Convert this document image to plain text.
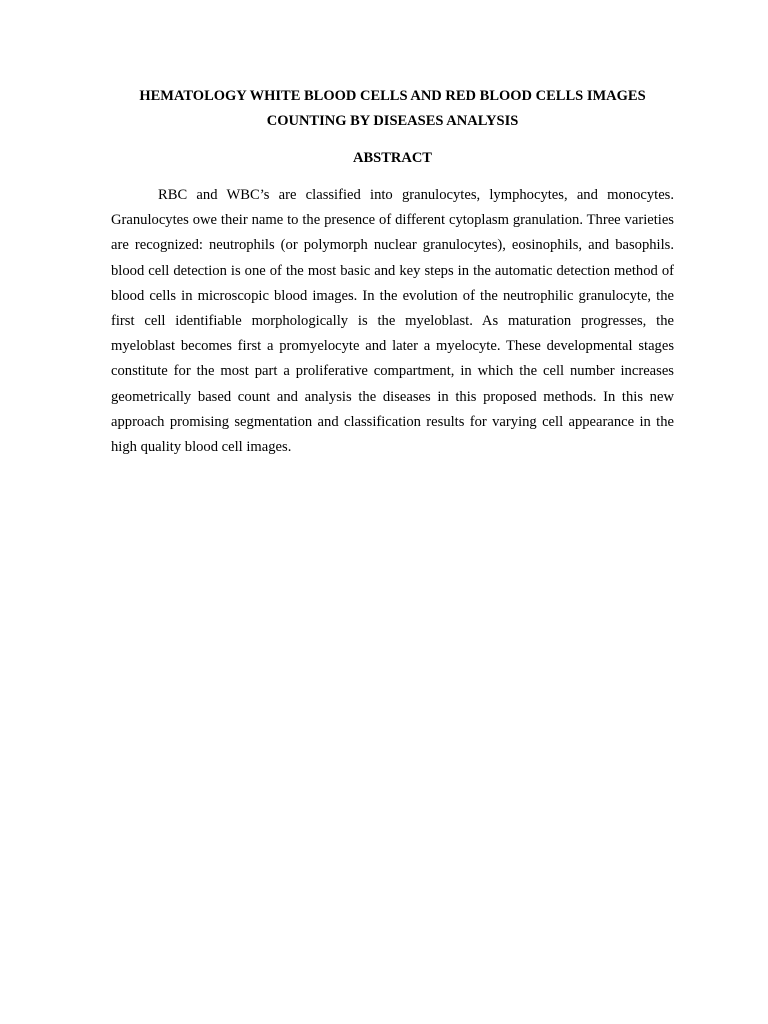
HEMATOLOGY WHITE BLOOD CELLS AND RED BLOOD CELLS IMAGES
COUNTING BY DISEASES ANALYSIS
ABSTRACT

RBC and WBC’s are classified into granulocytes, lymphocytes, and monocytes. Granulocytes owe their name to the presence of different cytoplasm granulation. Three varieties are recognized: neutrophils (or polymorph nuclear granulocytes), eosinophils, and basophils. blood cell detection is one of the most basic and key steps in the automatic detection method of blood cells in microscopic blood images. In the evolution of the neutrophilic granulocyte, the first cell identifiable morphologically is the myeloblast. As maturation progresses, the myeloblast becomes first a promyelocyte and later a myelocyte. These developmental stages constitute for the most part a proliferative compartment, in which the cell number increases geometrically based count and analysis the diseases in this proposed methods. In this new approach promising segmentation and classification results for varying cell appearance in the high quality blood cell images.
